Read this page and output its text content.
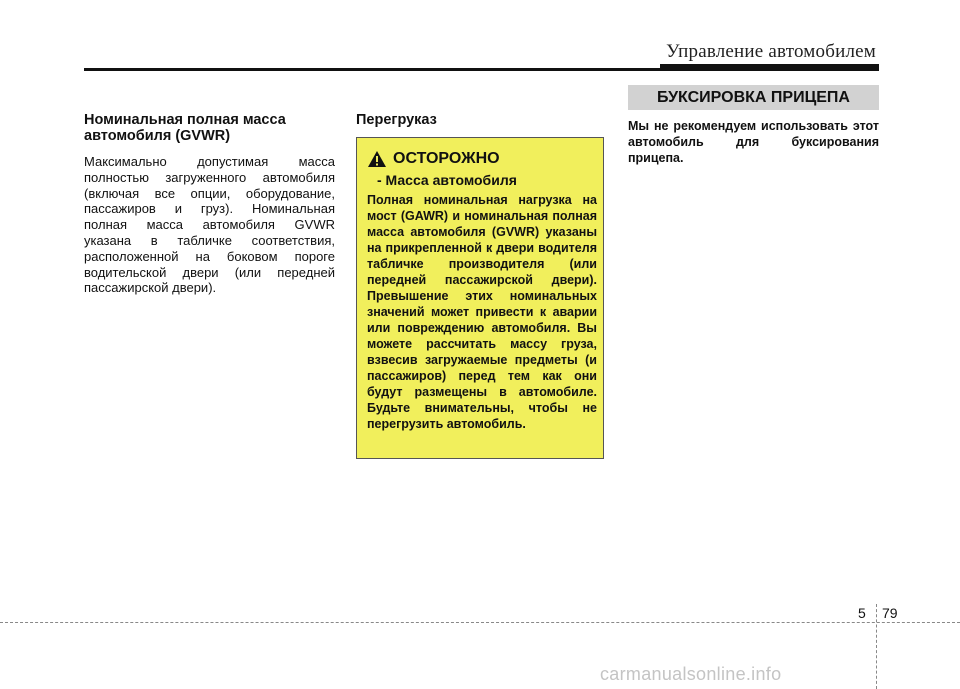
Управление автомобилем
БУКСИРОВКА ПРИЦЕПА
Номинальная полная масса
автомобиля (GVWR)

Максимально допустимая масса полностью загруженного автомобиля (включая все опции, оборудование, пассажиров и груз). Номинальная полная масса автомобиля GVWR указана в табличке соответствия, расположенной на боковом пороге водительской двери (или передней пассажирской двери).

Перегруказ
ОСТОРОЖНО
- Масса автомобиля

Полная номинальная нагрузка на мост (GAWR) и номинальная полная масса автомобиля (GVWR) указаны на прикрепленной к двери водителя табличке производителя (или передней пассажирской двери). Превышение этих номинальных значений может привести к аварии или повреждению автомобиля. Вы можете рассчитать массу груза, взвесив загружаемые предметы (и пассажиров) перед тем как они будут размещены в автомобиле. Будьте внимательны, чтобы не перегрузить автомобиль.

Мы не рекомендуем использовать этот автомобиль для буксирования прицепа.

5 79
carmanualsonline.info
